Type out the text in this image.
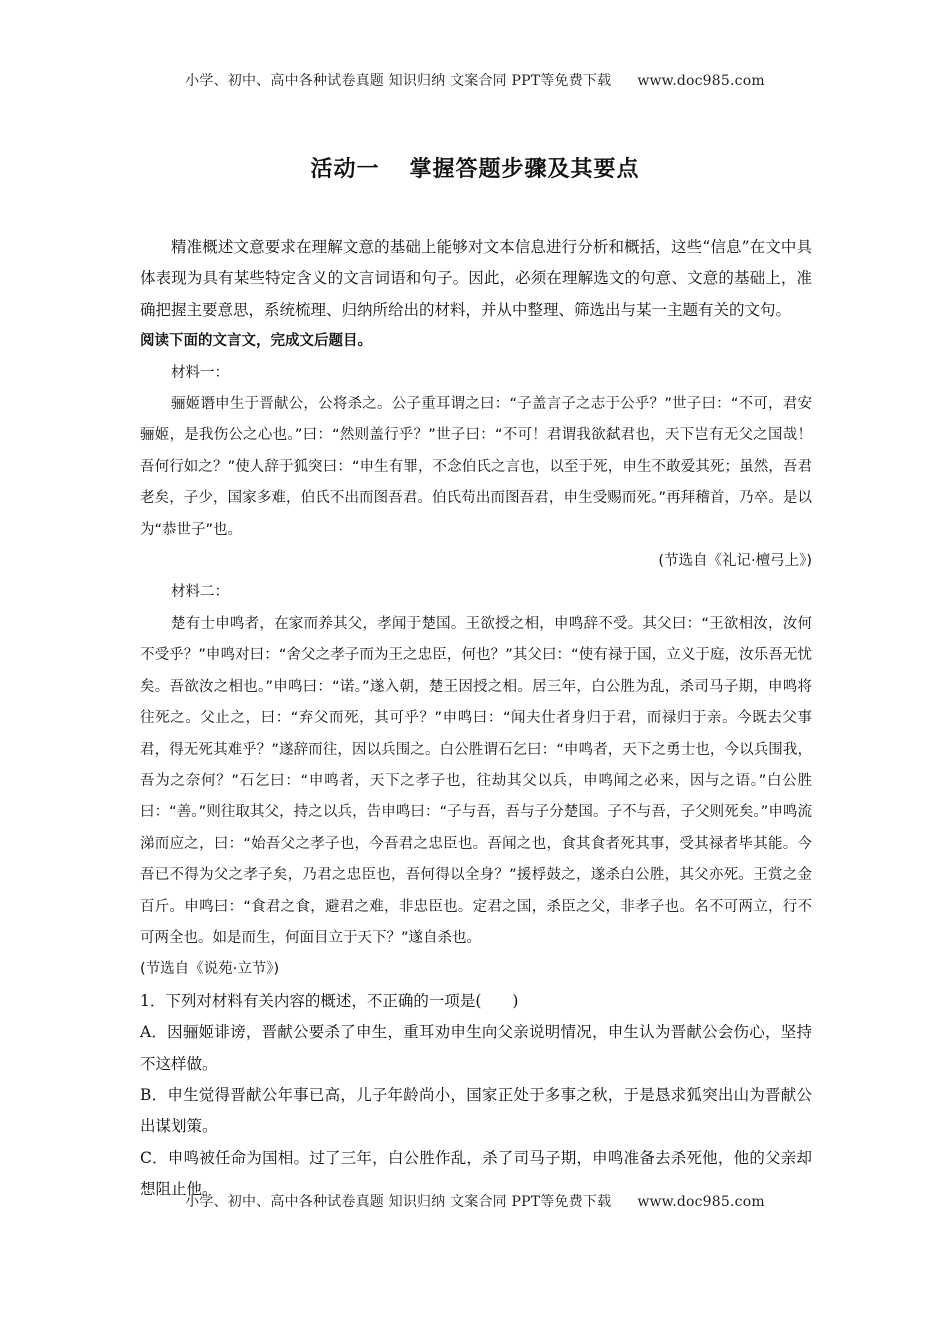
小学、初中、高中各种试卷真题 知识归纳 文案合同 PPT等免费下载 www.doc985.com
活动一 掌握答题步骤及其要点

精准概述文意要求在理解文意的基础上能够对文本信息进行分析和概括，这些“信息”在文中具体表现为具有某些特定含义的文言词语和句子。因此，必须在理解选文的句意、文意的基础上，准确把握主要意思，系统梳理、归纳所给出的材料，并从中整理、筛选出与某一主题有关的文句。

阅读下面的文言文，完成文后题目。

材料一：

骊姬谮申生于晋献公，公将杀之。公子重耳谓之曰：“子盖言子之志于公乎？”世子曰：“不可，君安骊姬，是我伤公之心也。”曰：“然则盖行乎？”世子曰：“不可！君谓我欲弑君也，天下岂有无父之国哉！吾何行如之？”使人辞于狐突曰：“申生有罪，不念伯氏之言也，以至于死，申生不敢爱其死；虽然，吾君老矣，子少，国家多难，伯氏不出而图吾君。伯氏苟出而图吾君，申生受赐而死。”再拜稽首，乃卒。是以为“恭世子”也。

(节选自《礼记·檀弓上》)

材料二：

楚有士申鸣者，在家而养其父，孝闻于楚国。王欲授之相，申鸣辞不受。其父曰：“王欲相汝，汝何不受乎？”申鸣对曰：“舍父之孝子而为王之忠臣，何也？”其父曰：“使有禄于国，立义于庭，汝乐吾无忧矣。吾欲汝之相也。”申鸣曰：“诺。”遂入朝，楚王因授之相。居三年，白公胜为乱，杀司马子期，申鸣将往死之。父止之，曰：“弃父而死，其可乎？”申鸣曰：“闻夫仕者身归于君，而禄归于亲。今既去父事君，得无死其难乎？”遂辞而往，因以兵围之。白公胜谓石乞曰：“申鸣者，天下之勇士也，今以兵围我，吾为之奈何？”石乞曰：“申鸣者，天下之孝子也，往劫其父以兵，申鸣闻之必来，因与之语。”白公胜曰：“善。”则往取其父，持之以兵，告申鸣曰：“子与吾，吾与子分楚国。子不与吾，子父则死矣。”申鸣流涕而应之，曰：“始吾父之孝子也，今吾君之忠臣也。吾闻之也，食其食者死其事，受其禄者毕其能。今吾已不得为父之孝子矣，乃君之忠臣也，吾何得以全身？”援桴鼓之，遂杀白公胜，其父亦死。王赏之金百斤。申鸣曰：“食君之食，避君之难，非忠臣也。定君之国，杀臣之父，非孝子也。名不可两立，行不可两全也。如是而生，何面目立于天下？”遂自杀也。

(节选自《说苑·立节》)

1．下列对材料有关内容的概述，不正确的一项是(　　)

A．因骊姬诽谤，晋献公要杀了申生，重耳劝申生向父亲说明情况，申生认为晋献公会伤心，坚持不这样做。

B．申生觉得晋献公年事已高，儿子年龄尚小，国家正处于多事之秋，于是恳求狐突出山为晋献公出谋划策。

C．申鸣被任命为国相。过了三年，白公胜作乱，杀了司马子期，申鸣准备去杀死他，他的父亲却想阻止他。

小学、初中、高中各种试卷真题 知识归纳 文案合同 PPT等免费下载 www.doc985.com
